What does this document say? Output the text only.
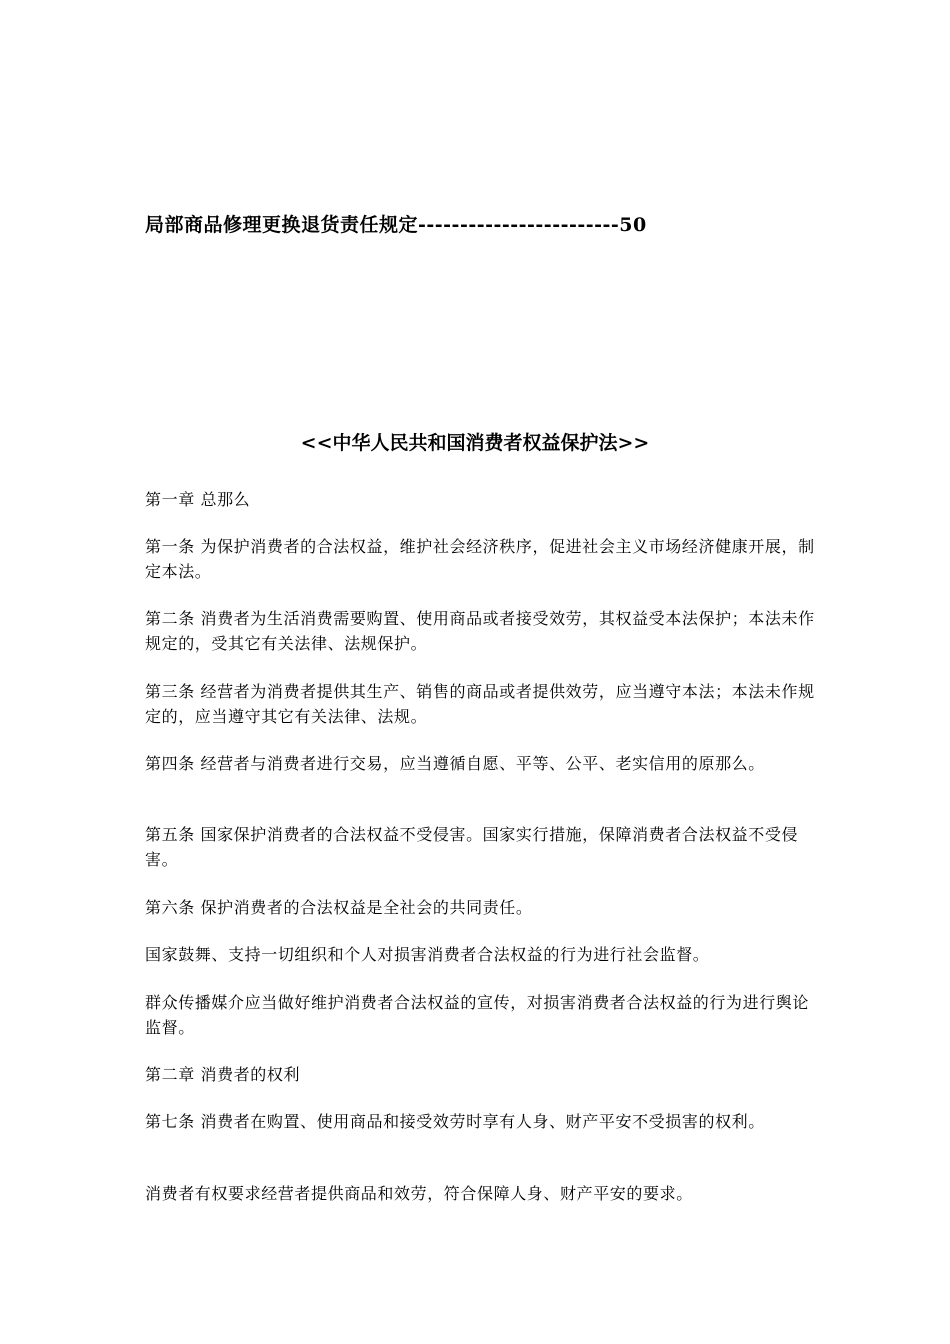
局部商品修理更换退货责任规定------------------------50
<<中华人民共和国消费者权益保护法>>
第一章 总那么
第一条 为保护消费者的合法权益，维护社会经济秩序，促进社会主义市场经济健康开展，制定本法。
第二条 消费者为生活消费需要购置、使用商品或者接受效劳，其权益受本法保护；本法未作规定的，受其它有关法律、法规保护。
第三条 经营者为消费者提供其生产、销售的商品或者提供效劳，应当遵守本法；本法未作规定的，应当遵守其它有关法律、法规。
第四条 经营者与消费者进行交易，应当遵循自愿、平等、公平、老实信用的原那么。
第五条 国家保护消费者的合法权益不受侵害。国家实行措施，保障消费者合法权益不受侵害。
第六条 保护消费者的合法权益是全社会的共同责任。
国家鼓舞、支持一切组织和个人对损害消费者合法权益的行为进行社会监督。
群众传播媒介应当做好维护消费者合法权益的宣传，对损害消费者合法权益的行为进行舆论监督。
第二章 消费者的权利
第七条 消费者在购置、使用商品和接受效劳时享有人身、财产平安不受损害的权利。
消费者有权要求经营者提供商品和效劳，符合保障人身、财产平安的要求。
